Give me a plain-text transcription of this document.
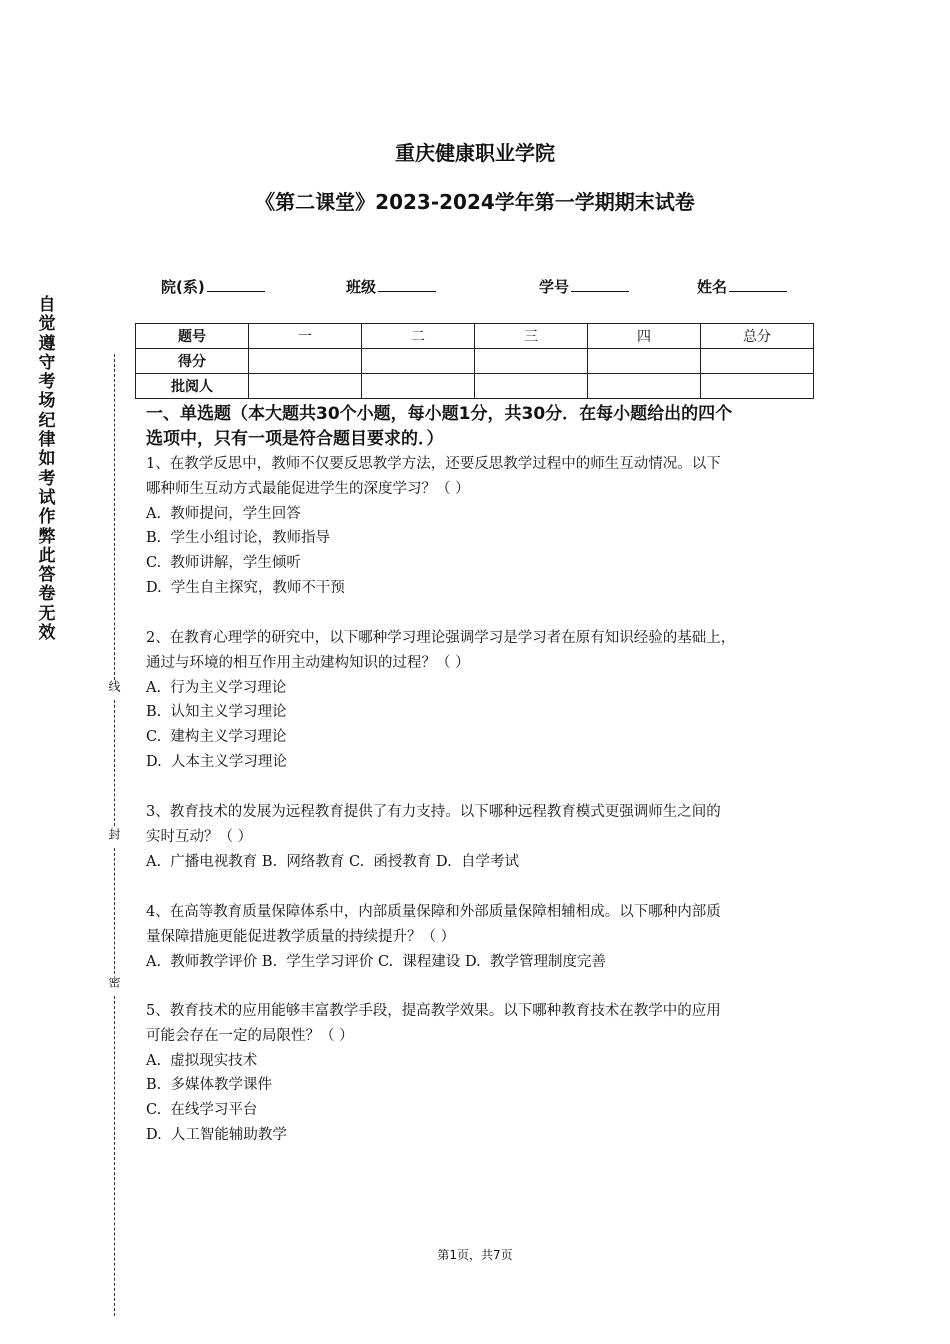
重庆健康职业学院
《第二课堂》2023-2024学年第一学期期末试卷
院(系)	班级	学号	姓名
自觉遵守考场纪律如考试作弊此答卷无效
线
封
密
题号	一	二	三	四	总分
得分					
批阅人					
一、单选题（本大题共30个小题，每小题1分，共30分．在每小题给出的四个
选项中，只有一项是符合题目要求的．）

1、在教学反思中，教师不仅要反思教学方法，还要反思教学过程中的师生互动情况。以下

哪种师生互动方式最能促进学生的深度学习？（ ）

A.  教师提问，学生回答

B.  学生小组讨论，教师指导

C.  教师讲解，学生倾听

D.  学生自主探究，教师不干预

2、在教育心理学的研究中，以下哪种学习理论强调学习是学习者在原有知识经验的基础上，

通过与环境的相互作用主动建构知识的过程？（ ）

A.  行为主义学习理论

B.  认知主义学习理论

C.  建构主义学习理论

D.  人本主义学习理论

3、教育技术的发展为远程教育提供了有力支持。以下哪种远程教育模式更强调师生之间的

实时互动？（ ）

A.  广播电视教育 B.  网络教育 C.  函授教育 D.  自学考试

4、在高等教育质量保障体系中，内部质量保障和外部质量保障相辅相成。以下哪种内部质

量保障措施更能促进教学质量的持续提升？（ ）

A.  教师教学评价 B.  学生学习评价 C.  课程建设 D.  教学管理制度完善

5、教育技术的应用能够丰富教学手段，提高教学效果。以下哪种教育技术在教学中的应用

可能会存在一定的局限性？（ ）

A.  虚拟现实技术

B.  多媒体教学课件

C.  在线学习平台

D.  人工智能辅助教学

第1页，共7页
